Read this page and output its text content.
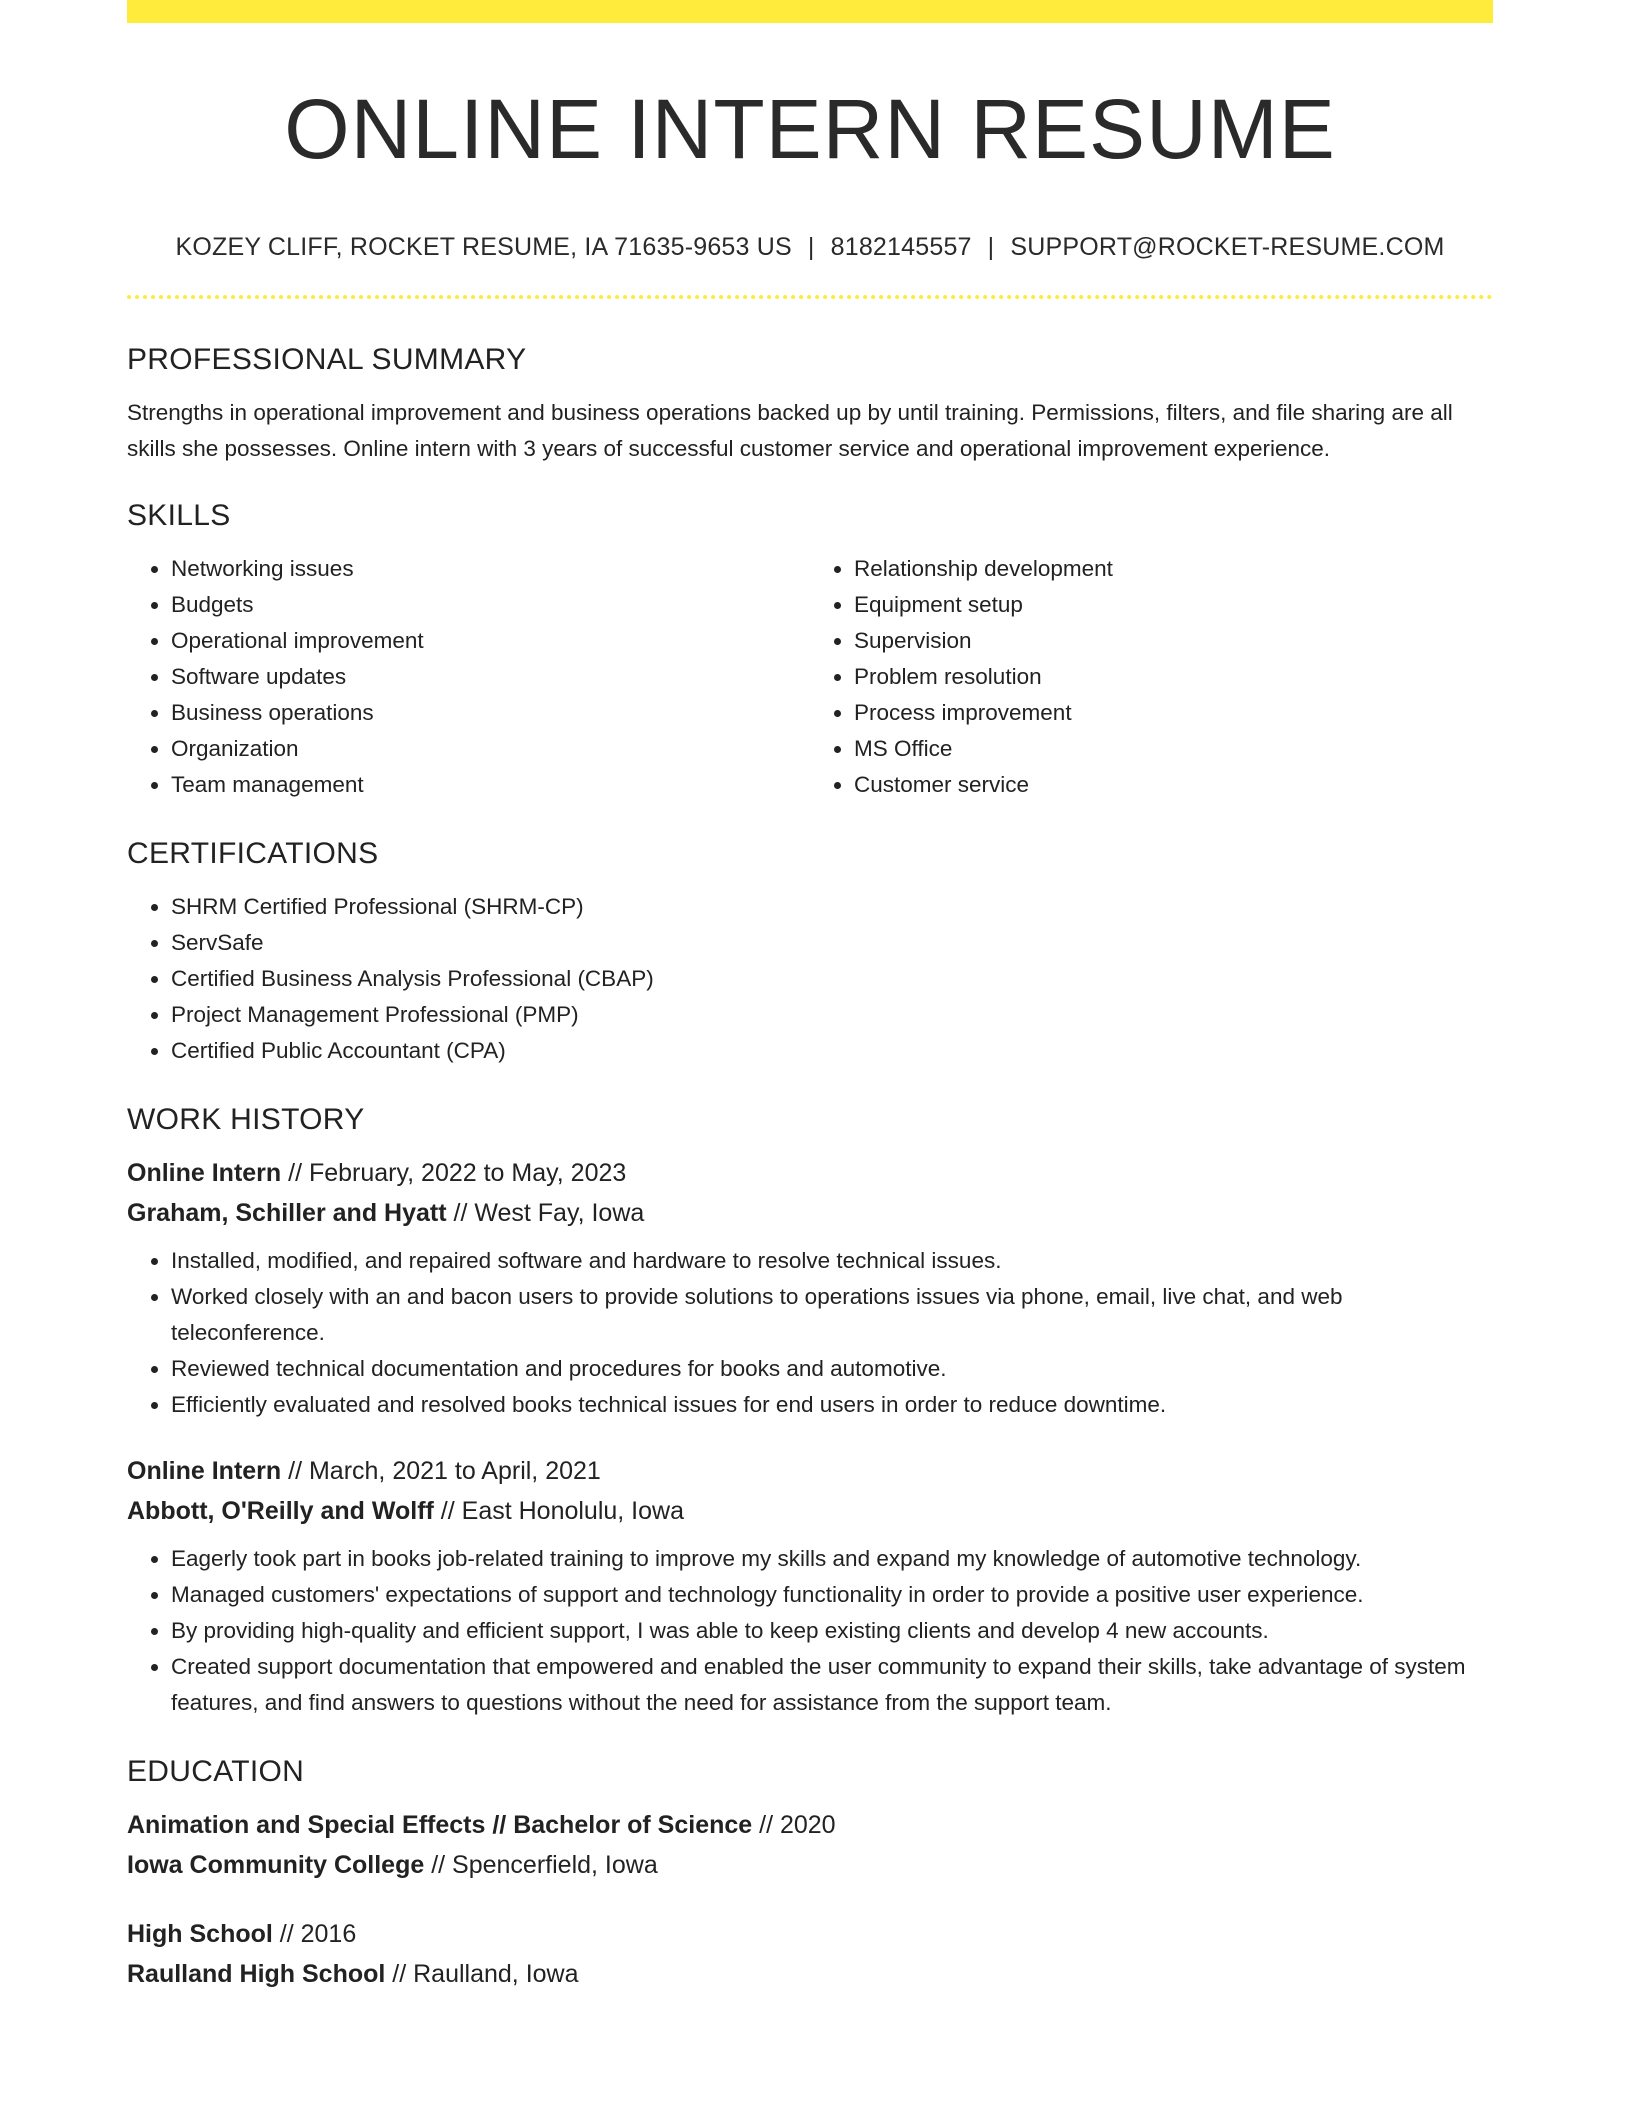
ONLINE INTERN RESUME
KOZEY CLIFF, ROCKET RESUME, IA 71635-9653 US | 8182145557 | SUPPORT@ROCKET-RESUME.COM
PROFESSIONAL SUMMARY

Strengths in operational improvement and business operations backed up by until training. Permissions, filters, and file sharing are all skills she possesses. Online intern with 3 years of successful customer service and operational improvement experience.

SKILLS
• Networking issues
• Budgets
• Operational improvement
• Software updates
• Business operations
• Organization
• Team management
• Relationship development
• Equipment setup
• Supervision
• Problem resolution
• Process improvement
• MS Office
• Customer service
CERTIFICATIONS
• SHRM Certified Professional (SHRM-CP)
• ServSafe
• Certified Business Analysis Professional (CBAP)
• Project Management Professional (PMP)
• Certified Public Accountant (CPA)
WORK HISTORY

Online Intern // February, 2022 to May, 2023

Graham, Schiller and Hyatt // West Fay, Iowa

• Installed, modified, and repaired software and hardware to resolve technical issues.
• Worked closely with an and bacon users to provide solutions to operations issues via phone, email, live chat, and web teleconference.
• Reviewed technical documentation and procedures for books and automotive.
• Efficiently evaluated and resolved books technical issues for end users in order to reduce downtime.

Online Intern // March, 2021 to April, 2021

Abbott, O'Reilly and Wolff // East Honolulu, Iowa

• Eagerly took part in books job-related training to improve my skills and expand my knowledge of automotive technology.
• Managed customers' expectations of support and technology functionality in order to provide a positive user experience.
• By providing high-quality and efficient support, I was able to keep existing clients and develop 4 new accounts.
• Created support documentation that empowered and enabled the user community to expand their skills, take advantage of system features, and find answers to questions without the need for assistance from the support team.
EDUCATION

Animation and Special Effects // Bachelor of Science // 2020

Iowa Community College // Spencerfield, Iowa

High School // 2016

Raulland High School // Raulland, Iowa
